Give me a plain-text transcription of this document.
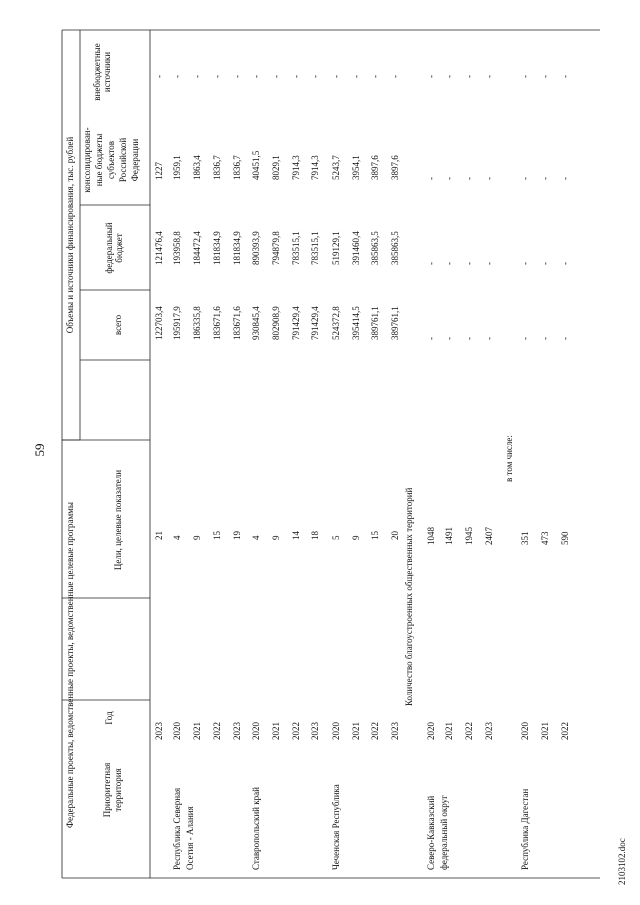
59
Объемы и источники финансирования, тыс. рублей
Федеральные проекты, ведомственные проекты, ведомственные целевые программы
внебюджетные источники
консолидирован- ные бюджеты субъектов Российской Федерации
федеральный бюджет
всего
Цели, целевые показатели
Год
Приоритетная территория
-
1227
121476,4
122703,4
21
2023
-
1959,1
193958,8
195917,9
4
2020
Республика Северная Осетия - Алания
-
1863,4
184472,4
186335,8
9
2021
-
1836,7
181834,9
183671,6
15
2022
-
1836,7
181834,9
183671,6
19
2023
-
40451,5
890393,9
930845,4
4
2020
Ставропольский край
-
8029,1
794879,8
802908,9
9
2021
-
7914,3
783515,1
791429,4
14
2022
-
7914,3
783515,1
791429,4
18
2023
-
5243,7
519129,1
524372,8
5
2020
Чеченская Республика
-
3954,1
391460,4
395414,5
9
2021
-
3897,6
385863,5
389761,1
15
2022
-
3897,6
385863,5
389761,1
20
2023
-
-
-
-
1048
2020
Северо-Кавказский федеральный округ
-
-
-
-
1491
2021
-
-
-
-
1945
2022
-
-
-
-
2407
2023
-
-
-
-
351
2020
Республика Дагестан
-
-
-
-
473
2021
-
-
-
-
590
2022
Количество благоустроенных общественных территорий
в том числе:
2103102.doc
